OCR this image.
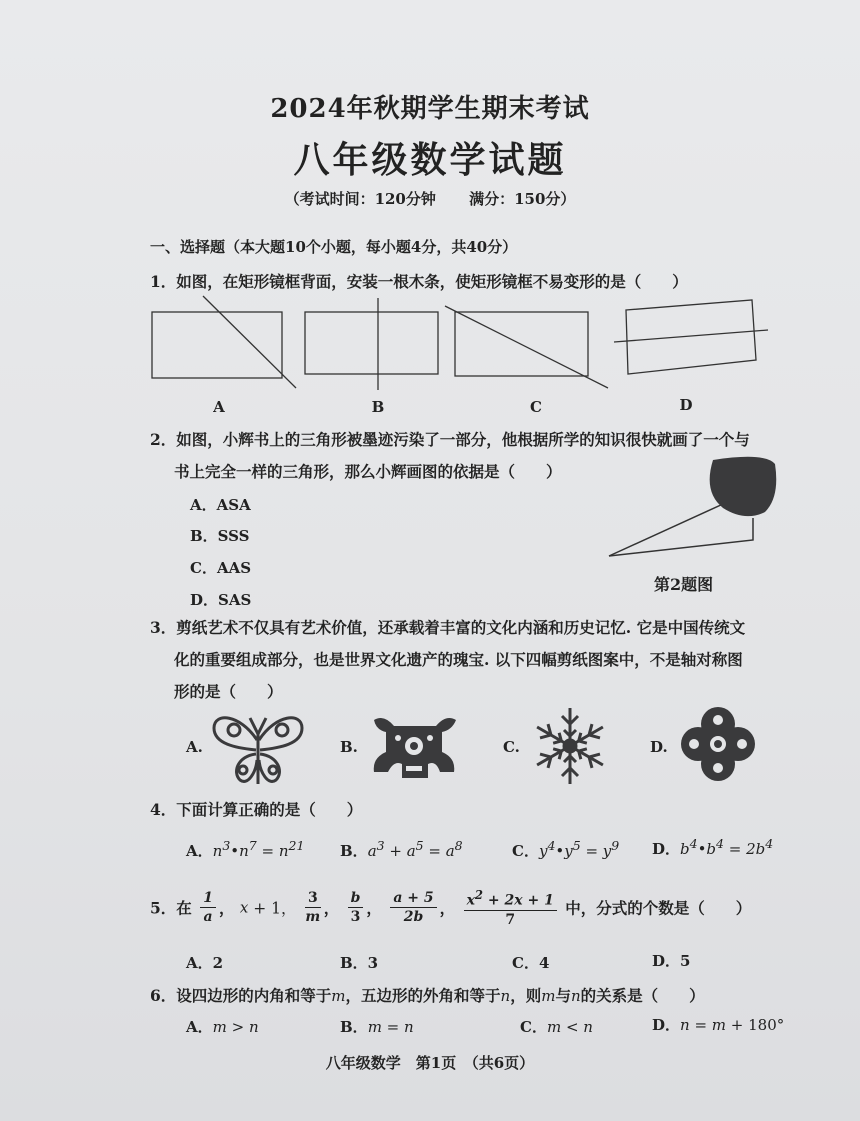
2024年秋期学生期末考试
八年级数学试题
（考试时间：120分钟 满分：150分）
一、选择题（本大题10个小题，每小题4分，共40分）
1．如图，在矩形镜框背面，安装一根木条，使矩形镜框不易变形的是（　　）
A	B	C	D
2．如图，小辉书上的三角形被墨迹污染了一部分，他根据所学的知识很快就画了一个与
书上完全一样的三角形，那么小辉画图的依据是（　　）
A．ASA
B．SSS
C．AAS
D．SAS
第2题图
3．剪纸艺术不仅具有艺术价值，还承载着丰富的文化内涵和历史记忆. 它是中国传统文
化的重要组成部分，也是世界文化遗产的瑰宝. 以下四幅剪纸图案中，不是轴对称图
形的是（　　）
A.	B.	C.	D.
4．下面计算正确的是（　　）
A．$n^3•n^7 = n^{21}$ B．$a^3 + a^5 = a^8$	C．$y^4•y^5 = y^9$ D．$b^4•b^4 = 2b^4$
5．在 $\frac{1}{a}$ ， x + 1， $\frac{3}{m}$ ， $\frac{b}{3}$ ， $\frac{a + 5}{2b}$ ， $\frac{x^2 + 2x + 1}{7}$ 中，分式的个数是（　　）
A．2	B．3	C．4	D．5
6．设四边形的内角和等于m，五边形的外角和等于n，则m与n的关系是（　　）
A．m > n	B．m = n	C．m < n	D．n = m + 180°
八年级数学　第1页　（共6页）
